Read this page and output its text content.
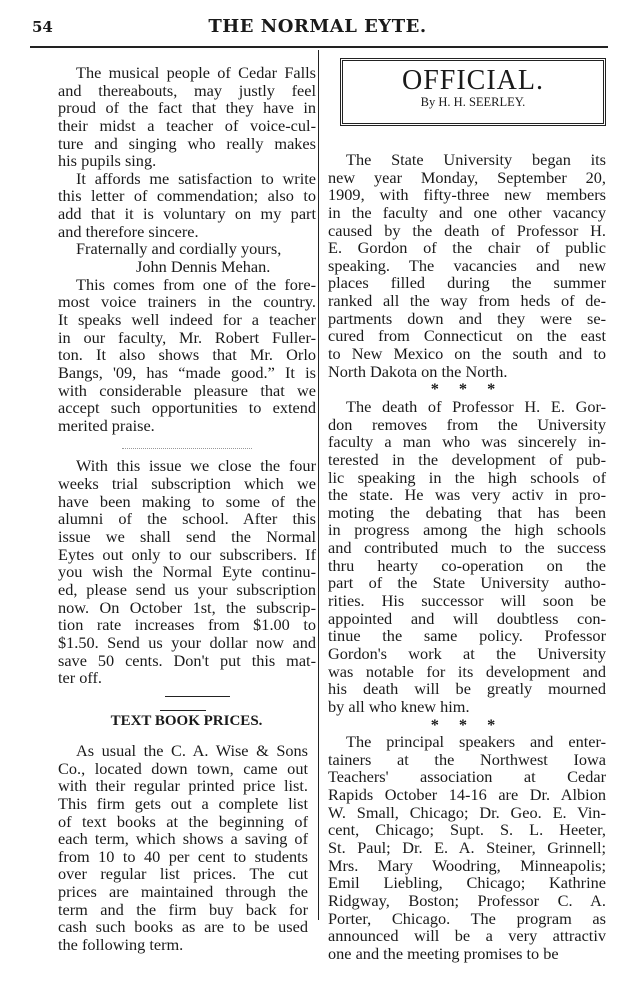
54	THE NORMAL EYTE.
The musical people of Cedar Falls
and thereabouts, may justly feel
proud of the fact that they have in
their midst a teacher of voice-cul-
ture and singing who really makes
his pupils sing.
It affords me satisfaction to write
this letter of commendation; also to
add that it is voluntary on my part
and therefore sincere.
Fraternally and cordially yours,
John Dennis Mehan.
This comes from one of the fore-
most voice trainers in the country.
It speaks well indeed for a teacher
in our faculty, Mr. Robert Fuller-
ton. It also shows that Mr. Orlo
Bangs, '09, has “made good.” It is
with considerable pleasure that we
accept such opportunities to extend
merited praise.
With this issue we close the four
weeks trial subscription which we
have been making to some of the
alumni of the school. After this
issue we shall send the Normal
Eytes out only to our subscribers. If
you wish the Normal Eyte continu-
ed, please send us your subscription
now. On October 1st, the subscrip-
tion rate increases from $1.00 to
$1.50. Send us your dollar now and
save 50 cents. Don't put this mat-
ter off.
TEXT BOOK PRICES.
As usual the C. A. Wise & Sons
Co., located down town, came out
with their regular printed price list.
This firm gets out a complete list
of text books at the beginning of
each term, which shows a saving of
from 10 to 40 per cent to students
over regular list prices. The cut
prices are maintained through the
term and the firm buy back for
cash such books as are to be used
the following term.
OFFICIAL.
By H. H. SEERLEY.
The State University began its
new year Monday, September 20,
1909, with fifty-three new members
in the faculty and one other vacancy
caused by the death of Professor H.
E. Gordon of the chair of public
speaking. The vacancies and new
places filled during the summer
ranked all the way from heds of de-
partments down and they were se-
cured from Connecticut on the east
to New Mexico on the south and to
North Dakota on the North.
* * *
The death of Professor H. E. Gor-
don removes from the University
faculty a man who was sincerely in-
terested in the development of pub-
lic speaking in the high schools of
the state. He was very activ in pro-
moting the debating that has been
in progress among the high schools
and contributed much to the success
thru hearty co-operation on the
part of the State University autho-
rities. His successor will soon be
appointed and will doubtless con-
tinue the same policy. Professor
Gordon's work at the University
was notable for its development and
his death will be greatly mourned
by all who knew him.
* * *
The principal speakers and enter-
tainers at the Northwest Iowa
Teachers' association at Cedar
Rapids October 14-16 are Dr. Albion
W. Small, Chicago; Dr. Geo. E. Vin-
cent, Chicago; Supt. S. L. Heeter,
St. Paul; Dr. E. A. Steiner, Grinnell;
Mrs. Mary Woodring, Minneapolis;
Emil Liebling, Chicago; Kathrine
Ridgway, Boston; Professor C. A.
Porter, Chicago. The program as
announced will be a very attractiv
one and the meeting promises to be
